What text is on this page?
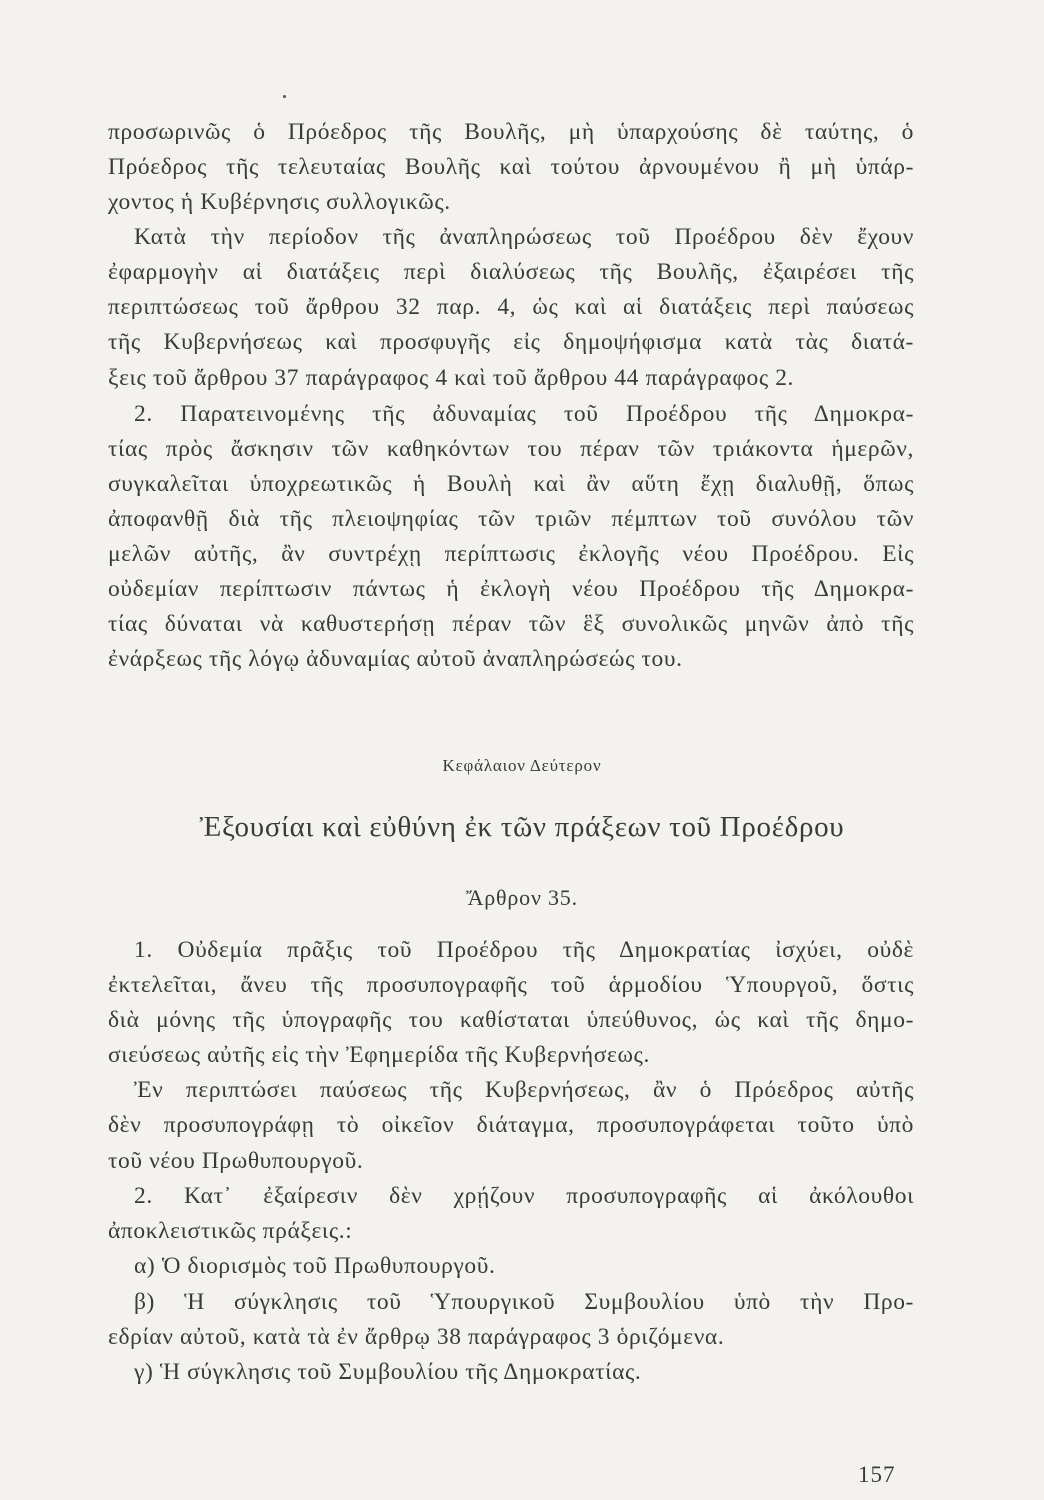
προσωρινῶς ὁ Πρόεδρος τῆς Βουλῆς, μὴ ὑπαρχούσης δὲ ταύτης, ὁ
Πρόεδρος τῆς τελευταίας Βουλῆς καὶ τούτου ἀρνουμένου ἢ μὴ ὑπάρ-
χοντος ἡ Κυβέρνησις συλλογικῶς.
Κατὰ τὴν περίοδον τῆς ἀναπληρώσεως τοῦ Προέδρου δὲν ἔχουν
ἐφαρμογὴν αἱ διατάξεις περὶ διαλύσεως τῆς Βουλῆς, ἐξαιρέσει τῆς
περιπτώσεως τοῦ ἄρθρου 32 παρ. 4, ὡς καὶ αἱ διατάξεις περὶ παύσεως
τῆς Κυβερνήσεως καὶ προσφυγῆς εἰς δημοψήφισμα κατὰ τὰς διατά-
ξεις τοῦ ἄρθρου 37 παράγραφος 4 καὶ τοῦ ἄρθρου 44 παράγραφος 2.
2. Παρατεινομένης τῆς ἀδυναμίας τοῦ Προέδρου τῆς Δημοκρα-
τίας πρὸς ἄσκησιν τῶν καθηκόντων του πέραν τῶν τριάκοντα ἡμερῶν,
συγκαλεῖται ὑποχρεωτικῶς ἡ Βουλὴ καὶ ἂν αὕτη ἔχῃ διαλυθῇ, ὅπως
ἀποφανθῇ διὰ τῆς πλειοψηφίας τῶν τριῶν πέμπτων τοῦ συνόλου τῶν
μελῶν αὐτῆς, ἂν συντρέχῃ περίπτωσις ἐκλογῆς νέου Προέδρου. Εἰς
οὐδεμίαν περίπτωσιν πάντως ἡ ἐκλογὴ νέου Προέδρου τῆς Δημοκρα-
τίας δύναται νὰ καθυστερήσῃ πέραν τῶν ἓξ συνολικῶς μηνῶν ἀπὸ τῆς
ἐνάρξεως τῆς λόγῳ ἀδυναμίας αὐτοῦ ἀναπληρώσεώς του.
Κεφάλαιον Δεύτερον
Ἐξουσίαι καὶ εὐθύνη ἐκ τῶν πράξεων τοῦ Προέδρου
Ἄρθρον 35.
1. Οὐδεμία πρᾶξις τοῦ Προέδρου τῆς Δημοκρατίας ἰσχύει, οὐδὲ
ἐκτελεῖται, ἄνευ τῆς προσυπογραφῆς τοῦ ἁρμοδίου Ὑπουργοῦ, ὅστις
διὰ μόνης τῆς ὑπογραφῆς του καθίσταται ὑπεύθυνος, ὡς καὶ τῆς δημο-
σιεύσεως αὐτῆς εἰς τὴν Ἐφημερίδα τῆς Κυβερνήσεως.
Ἐν περιπτώσει παύσεως τῆς Κυβερνήσεως, ἂν ὁ Πρόεδρος αὐτῆς
δὲν προσυπογράφῃ τὸ οἰκεῖον διάταγμα, προσυπογράφεται τοῦτο ὑπὸ
τοῦ νέου Πρωθυπουργοῦ.
2. Κατ᾽ ἐξαίρεσιν δὲν χρῄζουν προσυπογραφῆς αἱ ἀκόλουθοι
ἀποκλειστικῶς πράξεις.:
α) Ὁ διορισμὸς τοῦ Πρωθυπουργοῦ.
β) Ἡ σύγκλησις τοῦ Ὑπουργικοῦ Συμβουλίου ὑπὸ τὴν Προ-
εδρίαν αὐτοῦ, κατὰ τὰ ἐν ἄρθρῳ 38 παράγραφος 3 ὁριζόμενα.
γ) Ἡ σύγκλησις τοῦ Συμβουλίου τῆς Δημοκρατίας.
157
